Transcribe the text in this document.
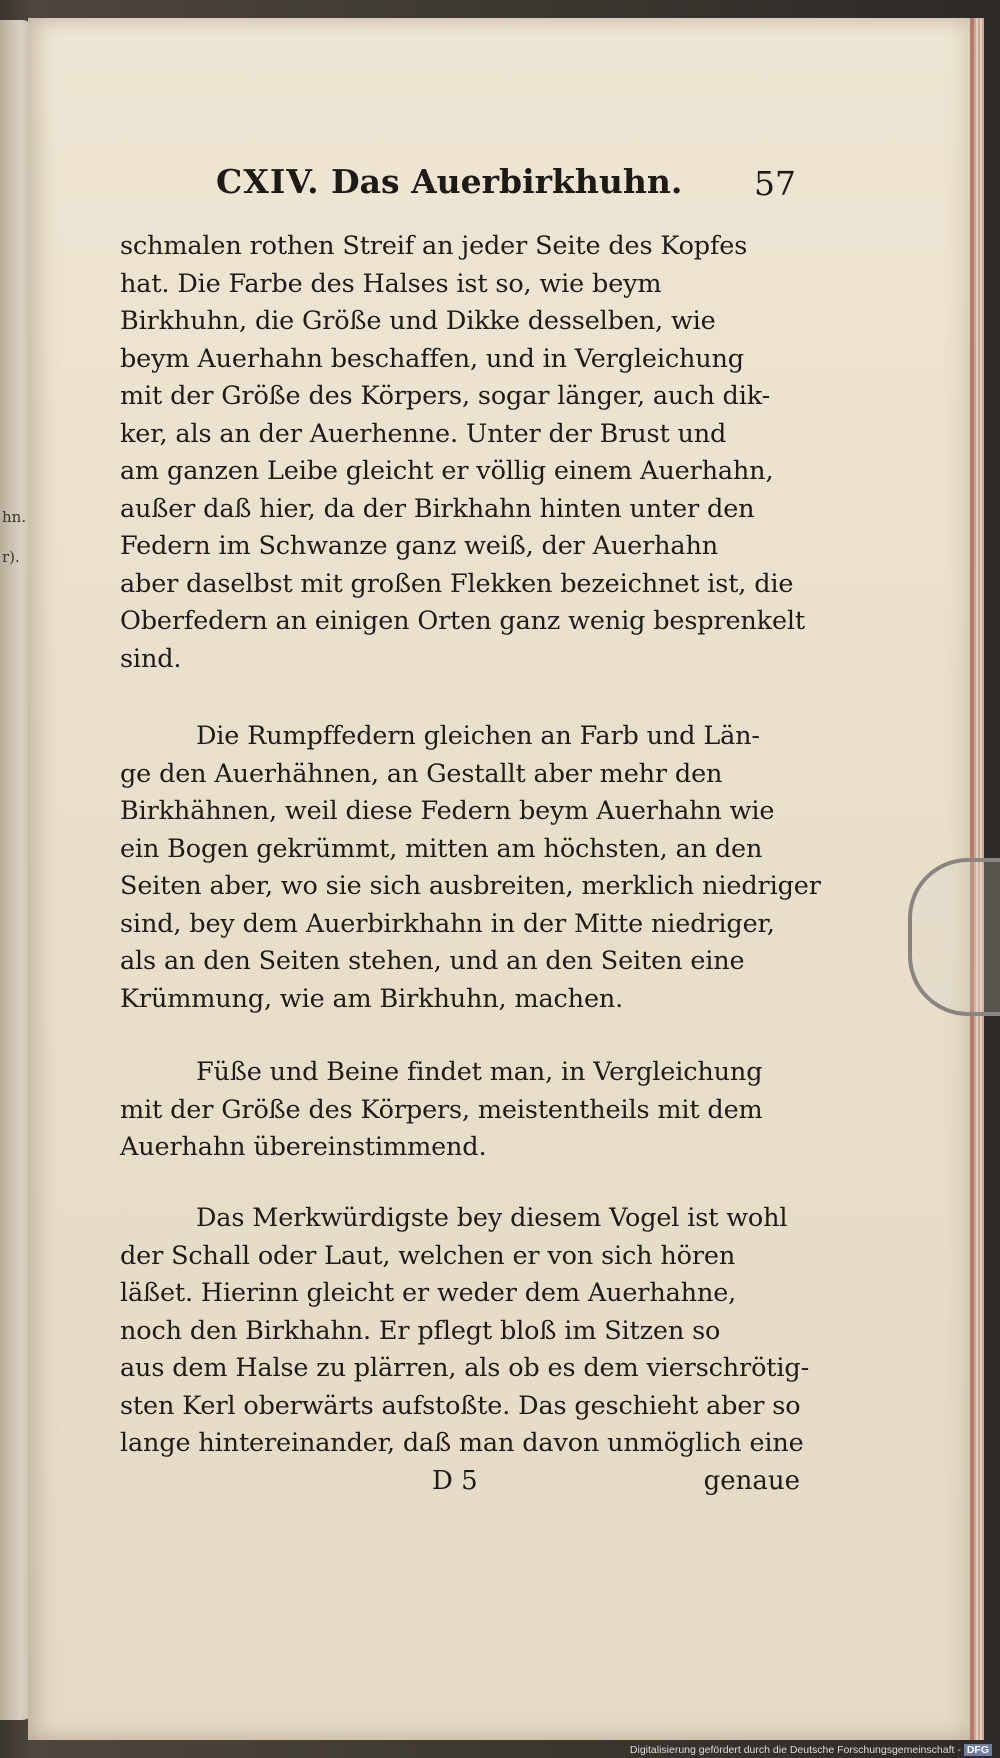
hn.
r).
CXIV. Das Auerbirkhuhn. 57
schmalen rothen Streif an jeder Seite des Kopfes
hat. Die Farbe des Halses ist so, wie beym
Birkhuhn, die Größe und Dikke desselben, wie
beym Auerhahn beschaffen, und in Vergleichung
mit der Größe des Körpers, sogar länger, auch dik-
ker, als an der Auerhenne. Unter der Brust und
am ganzen Leibe gleicht er völlig einem Auerhahn,
außer daß hier, da der Birkhahn hinten unter den
Federn im Schwanze ganz weiß, der Auerhahn
aber daselbst mit großen Flekken bezeichnet ist, die
Oberfedern an einigen Orten ganz wenig besprenkelt
sind.
Die Rumpffedern gleichen an Farb und Län-
ge den Auerhähnen, an Gestallt aber mehr den
Birkhähnen, weil diese Federn beym Auerhahn wie
ein Bogen gekrümmt, mitten am höchsten, an den
Seiten aber, wo sie sich ausbreiten, merklich niedriger
sind, bey dem Auerbirkhahn in der Mitte niedriger,
als an den Seiten stehen, und an den Seiten eine
Krümmung, wie am Birkhuhn, machen.
Füße und Beine findet man, in Vergleichung
mit der Größe des Körpers, meistentheils mit dem
Auerhahn übereinstimmend.
Das Merkwürdigste bey diesem Vogel ist wohl
der Schall oder Laut, welchen er von sich hören
läßet. Hierinn gleicht er weder dem Auerhahne,
noch den Birkhahn. Er pflegt bloß im Sitzen so
aus dem Halse zu plärren, als ob es dem vierschrötig-
sten Kerl oberwärts aufstoßte. Das geschieht aber so
lange hintereinander, daß man davon unmöglich eine
D 5	genaue
Digitalisierung gefördert durch die Deutsche Forschungsgemeinschaft - DFG
